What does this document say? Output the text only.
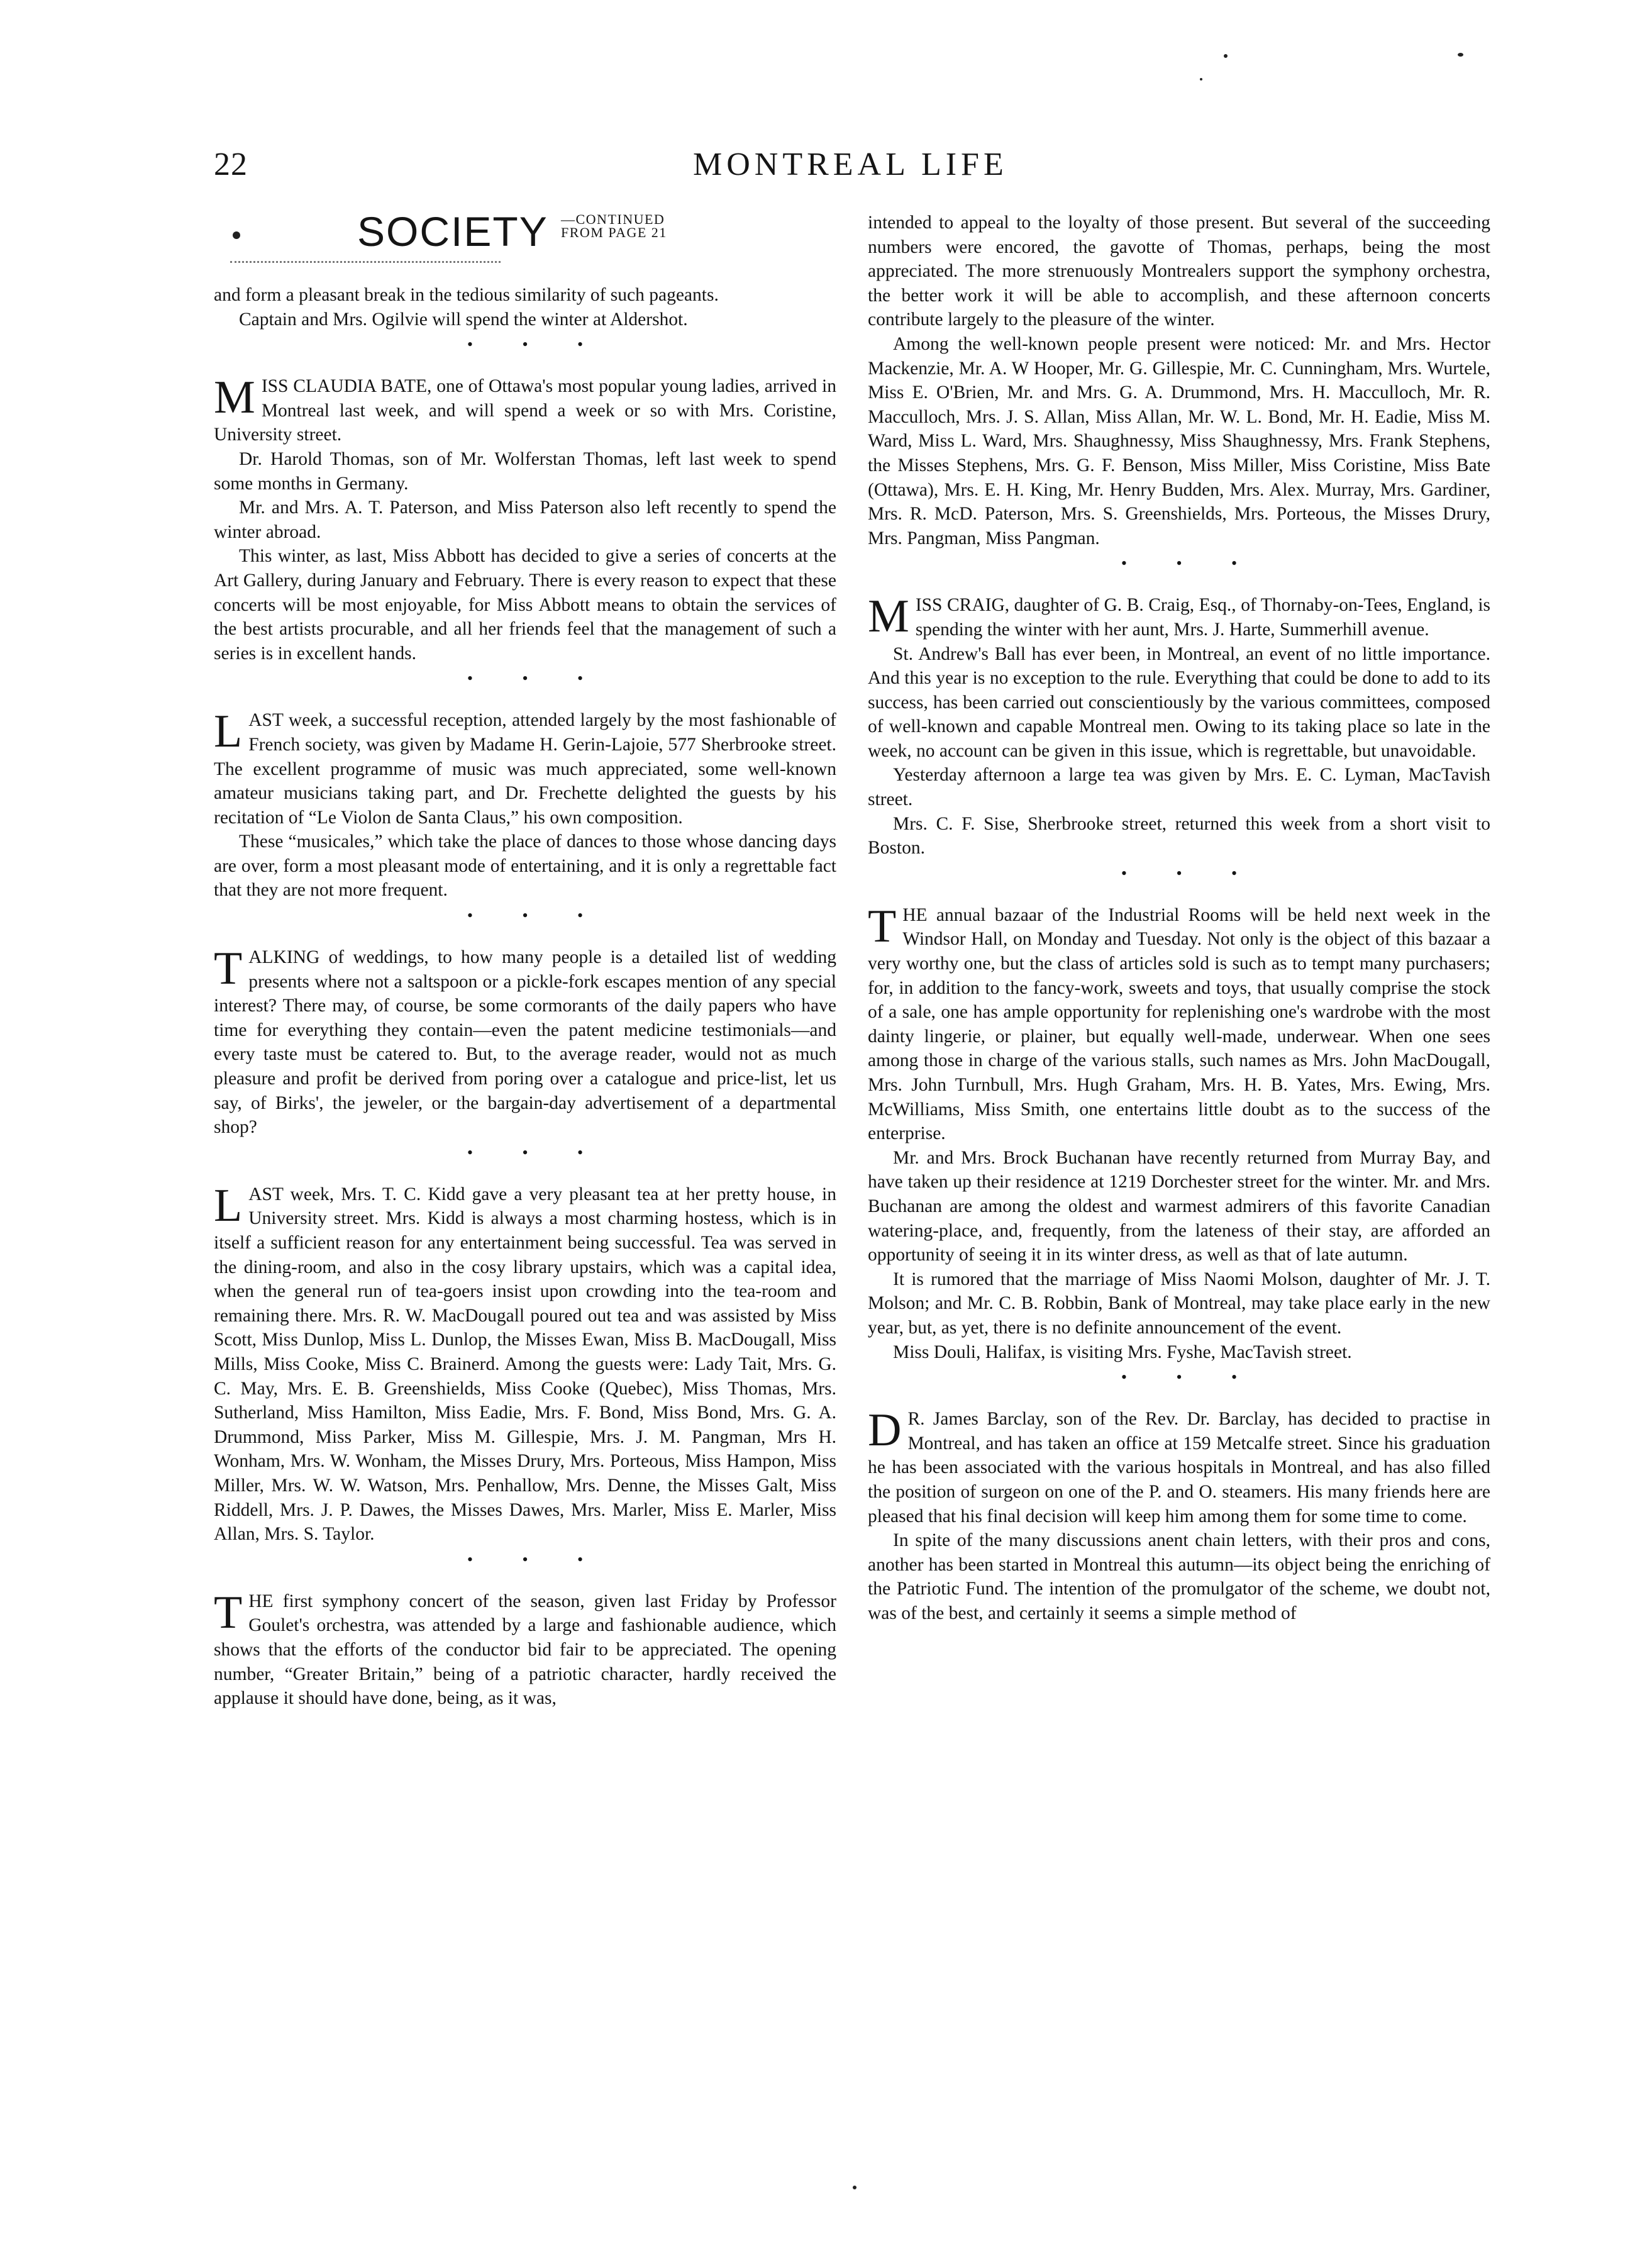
22	MONTREAL LIFE
SOCIETY —CONTINUED
FROM PAGE 21

and form a pleasant break in the tedious similarity of such pageants.

Captain and Mrs. Ogilvie will spend the winter at Aldershot.

• • •

MISS CLAUDIA BATE, one of Ottawa's most popular young ladies, arrived in Montreal last week, and will spend a week or so with Mrs. Coristine, University street.

Dr. Harold Thomas, son of Mr. Wolferstan Thomas, left last week to spend some months in Germany.

Mr. and Mrs. A. T. Paterson, and Miss Paterson also left recently to spend the winter abroad.

This winter, as last, Miss Abbott has decided to give a series of concerts at the Art Gallery, during January and February. There is every reason to expect that these concerts will be most enjoyable, for Miss Abbott means to obtain the services of the best artists procurable, and all her friends feel that the management of such a series is in excellent hands.

• • •

LAST week, a successful reception, attended largely by the most fashionable of French society, was given by Madame H. Gerin-Lajoie, 577 Sherbrooke street. The excellent programme of music was much appreciated, some well-known amateur musicians taking part, and Dr. Frechette delighted the guests by his recitation of “Le Violon de Santa Claus,” his own composition.

These “musicales,” which take the place of dances to those whose dancing days are over, form a most pleasant mode of entertaining, and it is only a regrettable fact that they are not more frequent.

• • •

TALKING of weddings, to how many people is a detailed list of wedding presents where not a saltspoon or a pickle-fork escapes mention of any special interest? There may, of course, be some cormorants of the daily papers who have time for everything they contain—even the patent medicine testimonials—and every taste must be catered to. But, to the average reader, would not as much pleasure and profit be derived from poring over a catalogue and price-list, let us say, of Birks', the jeweler, or the bargain-day advertisement of a departmental shop?

• • •

LAST week, Mrs. T. C. Kidd gave a very pleasant tea at her pretty house, in University street. Mrs. Kidd is always a most charming hostess, which is in itself a sufficient reason for any entertainment being successful. Tea was served in the dining-room, and also in the cosy library upstairs, which was a capital idea, when the general run of tea-goers insist upon crowding into the tea-room and remaining there. Mrs. R. W. MacDougall poured out tea and was assisted by Miss Scott, Miss Dunlop, Miss L. Dunlop, the Misses Ewan, Miss B. MacDougall, Miss Mills, Miss Cooke, Miss C. Brainerd. Among the guests were: Lady Tait, Mrs. G. C. May, Mrs. E. B. Greenshields, Miss Cooke (Quebec), Miss Thomas, Mrs. Sutherland, Miss Hamilton, Miss Eadie, Mrs. F. Bond, Miss Bond, Mrs. G. A. Drummond, Miss Parker, Miss M. Gillespie, Mrs. J. M. Pangman, Mrs H. Wonham, Mrs. W. Wonham, the Misses Drury, Mrs. Porteous, Miss Hampon, Miss Miller, Mrs. W. W. Watson, Mrs. Penhallow, Mrs. Denne, the Misses Galt, Miss Riddell, Mrs. J. P. Dawes, the Misses Dawes, Mrs. Marler, Miss E. Marler, Miss Allan, Mrs. S. Taylor.

• • •

THE first symphony concert of the season, given last Friday by Professor Goulet's orchestra, was attended by a large and fashionable audience, which shows that the efforts of the conductor bid fair to be appreciated. The opening number, “Greater Britain,” being of a patriotic character, hardly received the applause it should have done, being, as it was,

intended to appeal to the loyalty of those present. But several of the succeeding numbers were encored, the gavotte of Thomas, perhaps, being the most appreciated. The more strenuously Montrealers support the symphony orchestra, the better work it will be able to accomplish, and these afternoon concerts contribute largely to the pleasure of the winter.

Among the well-known people present were noticed: Mr. and Mrs. Hector Mackenzie, Mr. A. W Hooper, Mr. G. Gillespie, Mr. C. Cunningham, Mrs. Wurtele, Miss E. O'Brien, Mr. and Mrs. G. A. Drummond, Mrs. H. Macculloch, Mr. R. Macculloch, Mrs. J. S. Allan, Miss Allan, Mr. W. L. Bond, Mr. H. Eadie, Miss M. Ward, Miss L. Ward, Mrs. Shaughnessy, Miss Shaughnessy, Mrs. Frank Stephens, the Misses Stephens, Mrs. G. F. Benson, Miss Miller, Miss Coristine, Miss Bate (Ottawa), Mrs. E. H. King, Mr. Henry Budden, Mrs. Alex. Murray, Mrs. Gardiner, Mrs. R. McD. Paterson, Mrs. S. Greenshields, Mrs. Porteous, the Misses Drury, Mrs. Pangman, Miss Pangman.

• • •

MISS CRAIG, daughter of G. B. Craig, Esq., of Thornaby-on-Tees, England, is spending the winter with her aunt, Mrs. J. Harte, Summerhill avenue.

St. Andrew's Ball has ever been, in Montreal, an event of no little importance. And this year is no exception to the rule. Everything that could be done to add to its success, has been carried out conscientiously by the various committees, composed of well-known and capable Montreal men. Owing to its taking place so late in the week, no account can be given in this issue, which is regrettable, but unavoidable.

Yesterday afternoon a large tea was given by Mrs. E. C. Lyman, MacTavish street.

Mrs. C. F. Sise, Sherbrooke street, returned this week from a short visit to Boston.

• • •

THE annual bazaar of the Industrial Rooms will be held next week in the Windsor Hall, on Monday and Tuesday. Not only is the object of this bazaar a very worthy one, but the class of articles sold is such as to tempt many purchasers; for, in addition to the fancy-work, sweets and toys, that usually comprise the stock of a sale, one has ample opportunity for replenishing one's wardrobe with the most dainty lingerie, or plainer, but equally well-made, underwear. When one sees among those in charge of the various stalls, such names as Mrs. John MacDougall, Mrs. John Turnbull, Mrs. Hugh Graham, Mrs. H. B. Yates, Mrs. Ewing, Mrs. McWilliams, Miss Smith, one entertains little doubt as to the success of the enterprise.

Mr. and Mrs. Brock Buchanan have recently returned from Murray Bay, and have taken up their residence at 1219 Dorchester street for the winter. Mr. and Mrs. Buchanan are among the oldest and warmest admirers of this favorite Canadian watering-place, and, frequently, from the lateness of their stay, are afforded an opportunity of seeing it in its winter dress, as well as that of late autumn.

It is rumored that the marriage of Miss Naomi Molson, daughter of Mr. J. T. Molson; and Mr. C. B. Robbin, Bank of Montreal, may take place early in the new year, but, as yet, there is no definite announcement of the event.

Miss Douli, Halifax, is visiting Mrs. Fyshe, MacTavish street.

• • •

D R. James Barclay, son of the Rev. Dr. Barclay, has decided to practise in Montreal, and has taken an office at 159 Metcalfe street. Since his graduation he has been associated with the various hospitals in Montreal, and has also filled the position of surgeon on one of the P. and O. steamers. His many friends here are pleased that his final decision will keep him among them for some time to come.

In spite of the many discussions anent chain letters, with their pros and cons, another has been started in Montreal this autumn—its object being the enriching of the Patriotic Fund. The intention of the promulgator of the scheme, we doubt not, was of the best, and certainly it seems a simple method of
